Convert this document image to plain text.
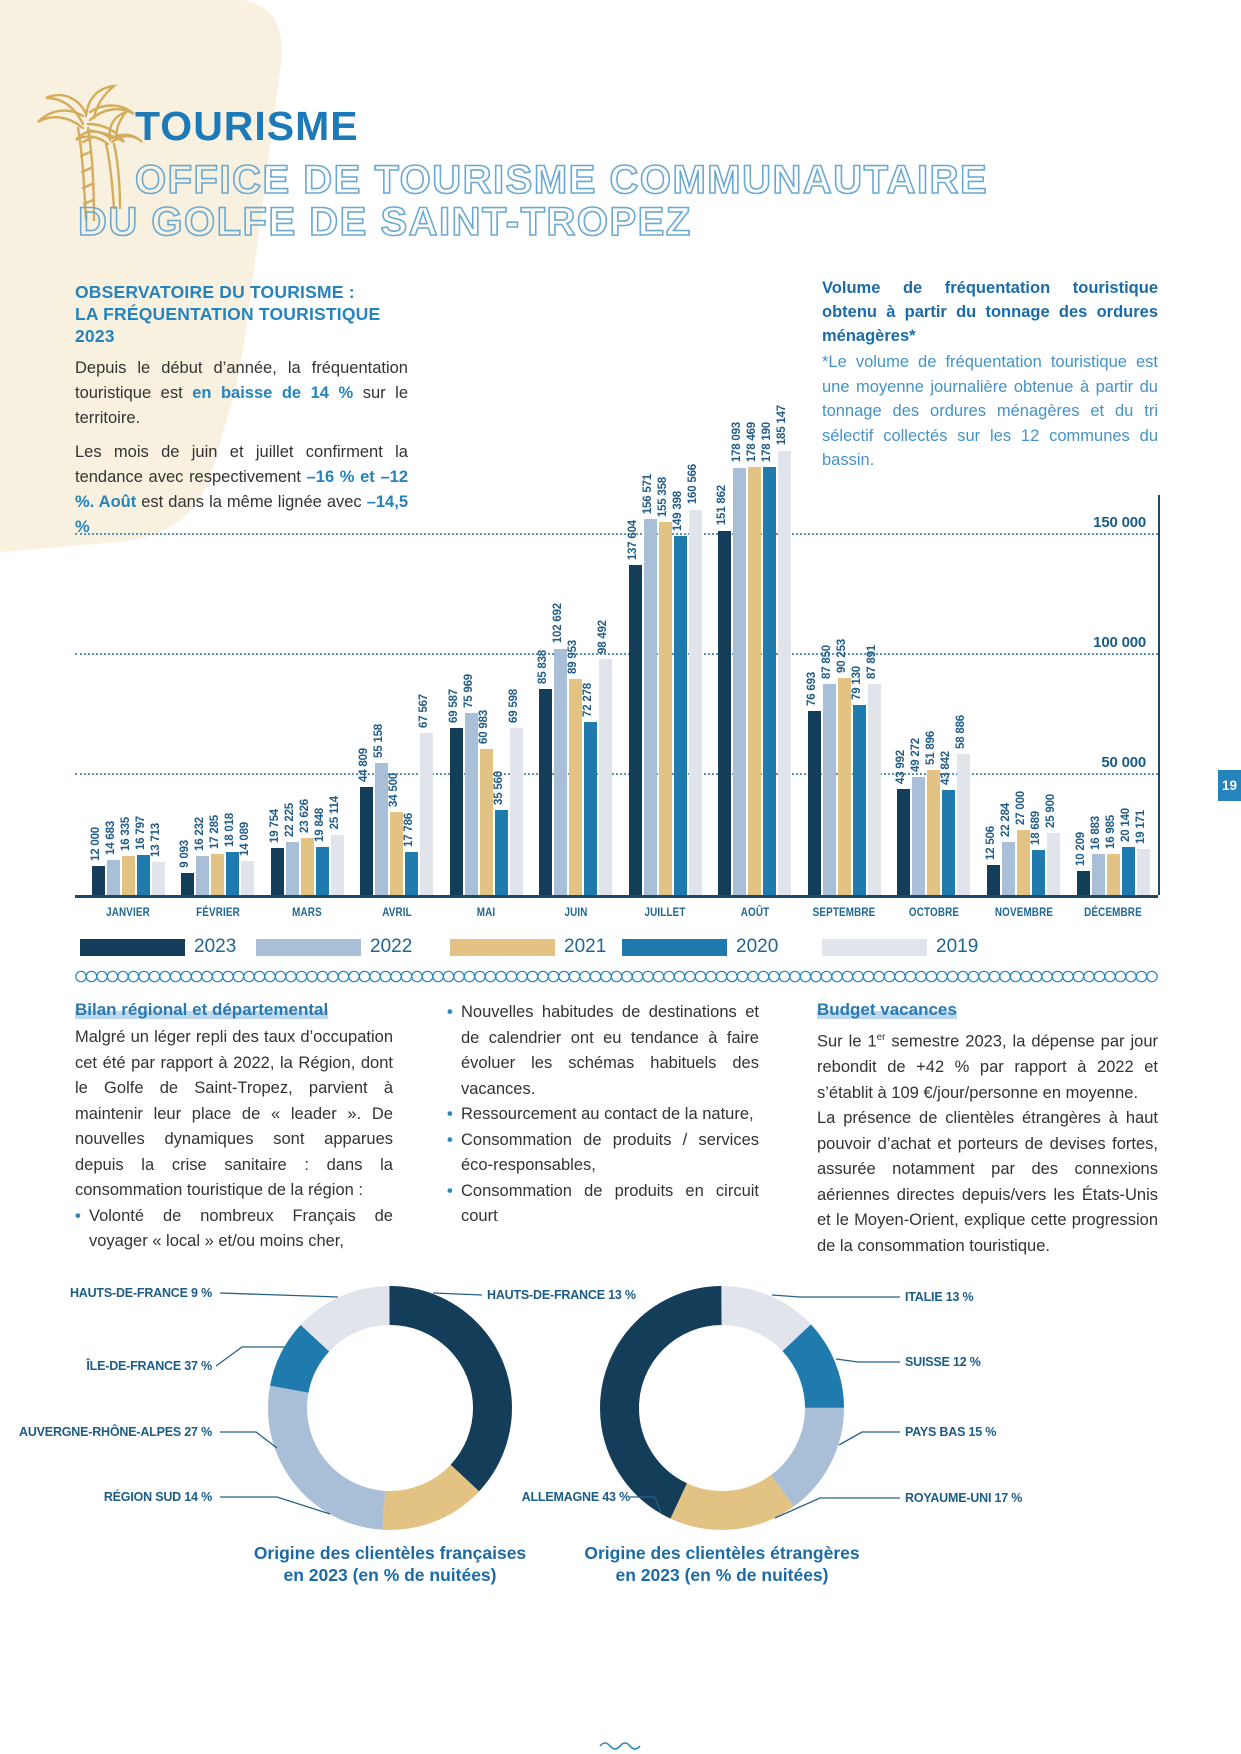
TOURISME
OFFICE DE TOURISME COMMUNAUTAIRE
DU GOLFE DE SAINT-TROPEZ
OBSERVATOIRE DU TOURISME :
LA FRÉQUENTATION TOURISTIQUE
2023

Depuis le début d’année, la fréquentation touristique est en baisse de 14 % sur le territoire.

Les mois de juin et juillet confirment la tendance avec respectivement –16 % et –12 %. Août est dans la même lignée avec –14,5 %

Volume de fréquentation touristique obtenu à partir du tonnage des ordures ménagères*
*Le volume de fréquentation touristique est une moyenne journalière obtenue à partir du tonnage des ordures ménagères et du tri sélectif collectés sur les 12 communes du bassin.
150 000
100 000
50 000
12 000 14 683 16 335 16 797 13 713
JANVIER
9 093
16 232 17 285 18 018 14 089
FÉVRIER
19 754 22 225 23 626 19 848 25 114
MARS
44 809
55 158
34 500
17 786
67 567
AVRIL
69 587 75 969
60 983
35 560
69 598
MAI
85 838
102 692
89 953
72 278
98 492
JUIN
137 604
156 571 155 358 149 398
160 566
JUILLET
151 862
178 093 178 469 178 190 185 147
AOÛT
76 693
87 850 90 253
79 130
87 891
SEPTEMBRE
43 992 49 272 51 896
43 842
58 886
OCTOBRE
12 506
22 284 27 000
18 689
25 900
NOVEMBRE
10 209 16 883 16 985 20 140 19 171
DÉCEMBRE
2023	2022	2021	2020	2019
Bilan régional et départemental

Malgré un léger repli des taux d’occupation cet été par rapport à 2022, la Région, dont le Golfe de Saint-Tropez, parvient à maintenir leur place de « leader ». De nouvelles dynamiques sont apparues depuis la crise sanitaire : dans la consommation touristique de la région :

• Volonté de nombreux Français de voyager « local » et/ou moins cher,
• Nouvelles habitudes de destinations et de calendrier ont eu tendance à faire évoluer les schémas habituels des vacances.
• Ressourcement au contact de la nature,
• Consommation de produits / services éco-responsables,
• Consommation de produits en circuit court
Budget vacances

Sur le 1er semestre 2023, la dépense par jour rebondit de +42 % par rapport à 2022 et s’établit à 109 €/jour/personne en moyenne.

La présence de clientèles étrangères à haut pouvoir d’achat et porteurs de devises fortes, assurée notamment par des connexions aériennes directes depuis/vers les États-Unis et le Moyen-Orient, explique cette progression de la consommation touristique.

HAUTS-DE-FRANCE 9 %
ÎLE-DE-FRANCE 37 %
AUVERGNE-RHÔNE-ALPES 27 %
RÉGION SUD 14 %
HAUTS-DE-FRANCE 13 %	ITALIE 13 %
SUISSE 12 %
PAYS BAS 15 %
ROYAUME-UNI 17 %
ALLEMAGNE 43 %
Origine des clientèles françaises
en 2023 (en % de nuitées)
Origine des clientèles étrangères
en 2023 (en % de nuitées)
19
